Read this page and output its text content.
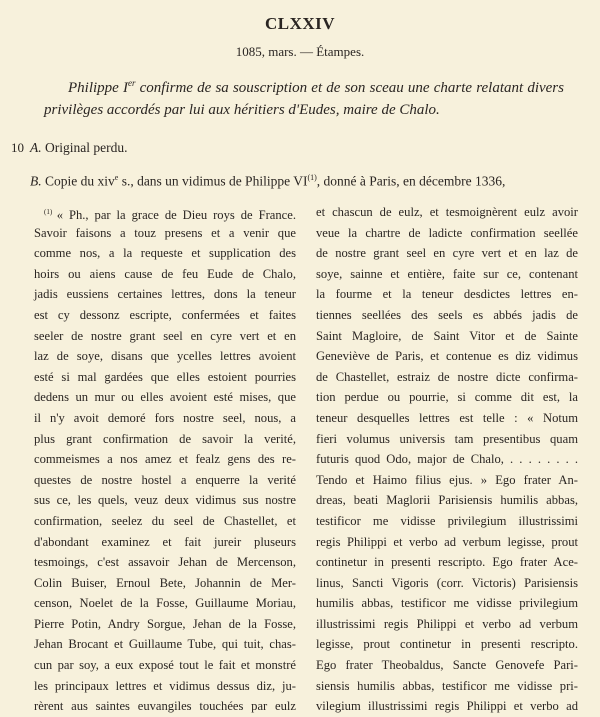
CLXXIV
1085, mars. — Étampes.
Philippe Ier confirme de sa souscription et de son sceau une charte relatant divers privilèges accordés par lui aux héritiers d'Eudes, maire de Chalo.
10 A. Original perdu.
B. Copie du xiv$^e$ s., dans un vidimus de Philippe VI$^{(1)}$, donné à Paris, en décembre 1336,
$^{(1)}$ « Ph., par la grace de Dieu roys de France.
Savoir faisons a touz presens et a venir que
comme nos, a la requeste et supplication des
hoirs ou aiens cause de feu Eude de Chalo,
jadis eussiens certaines lettres, dons la teneur
est cy dessonz escripte, confermées et faites
seeler de nostre grant seel en cyre vert et en
laz de soye, disans que ycelles lettres avoient
esté si mal gardées que elles estoient pourries
dedens un mur ou elles avoient esté mises, que
il n'y avoit demoré fors nostre seel, nous, a
plus grant confirmation de savoir la verité,
commeismes a nos amez et fealz gens des re-
questes de nostre hostel a enquerre la verité
sus ce, les quels, veuz deux vidimus sus nostre
confirmation, seelez du seel de Chastellet, et
d'abondant examinez et fait jureir pluseurs
tesmoings, c'est assavoir Jehan de Mercenson,
Colin Buiser, Ernoul Bete, Johannin de Mer-
censon, Noelet de la Fosse, Guillaume Moriau,
Pierre Potin, Andry Sorgue, Jehan de la Fosse,
Jehan Brocant et Guillaume Tube, qui tuit, chas-
cun par soy, a eux exposé tout le fait et monstré
les principaux lettres et vidimus dessus diz, ju-
rèrent aus saintes euvangiles touchées par eulz
et chascun de eulz, et tesmoignèrent eulz avoir
veue la chartre de ladicte confirmation seellée
de nostre grant seel en cyre vert et en laz de
soye, sainne et entière, faite sur ce, contenant
la fourme et la teneur desdictes lettres en-
tiennes seellées des seels es abbés jadis de
Saint Magloire, de Saint Vitor et de Sainte
Geneviève de Paris, et contenue es diz vidimus
de Chastellet, estraiz de nostre dicte confirma-
tion perdue ou pourrie, si comme dit est, la
teneur desquelles lettres est telle : « Notum
fieri volumus universis tam presentibus quam
futuris quod Odo, major de Chalo, . . . . . . . .
Tendo et Haimo filius ejus. » Ego frater An-
dreas, beati Maglorii Parisiensis humilis abbas,
testificor me vidisse privilegium illustrissimi
regis Philippi et verbo ad verbum legisse, prout
continetur in presenti rescripto. Ego frater Ace-
linus, Sancti Vigoris (corr. Victoris) Parisiensis
humilis abbas, testificor me vidisse privilegium
illustrissimi regis Philippi et verbo ad verbum
legisse, prout continetur in presenti rescripto.
Ego frater Theobaldus, Sancte Genovefe Pari-
siensis humilis abbas, testificor me vidisse pri-
vilegium illustrissimi regis Philippi et verbo ad
